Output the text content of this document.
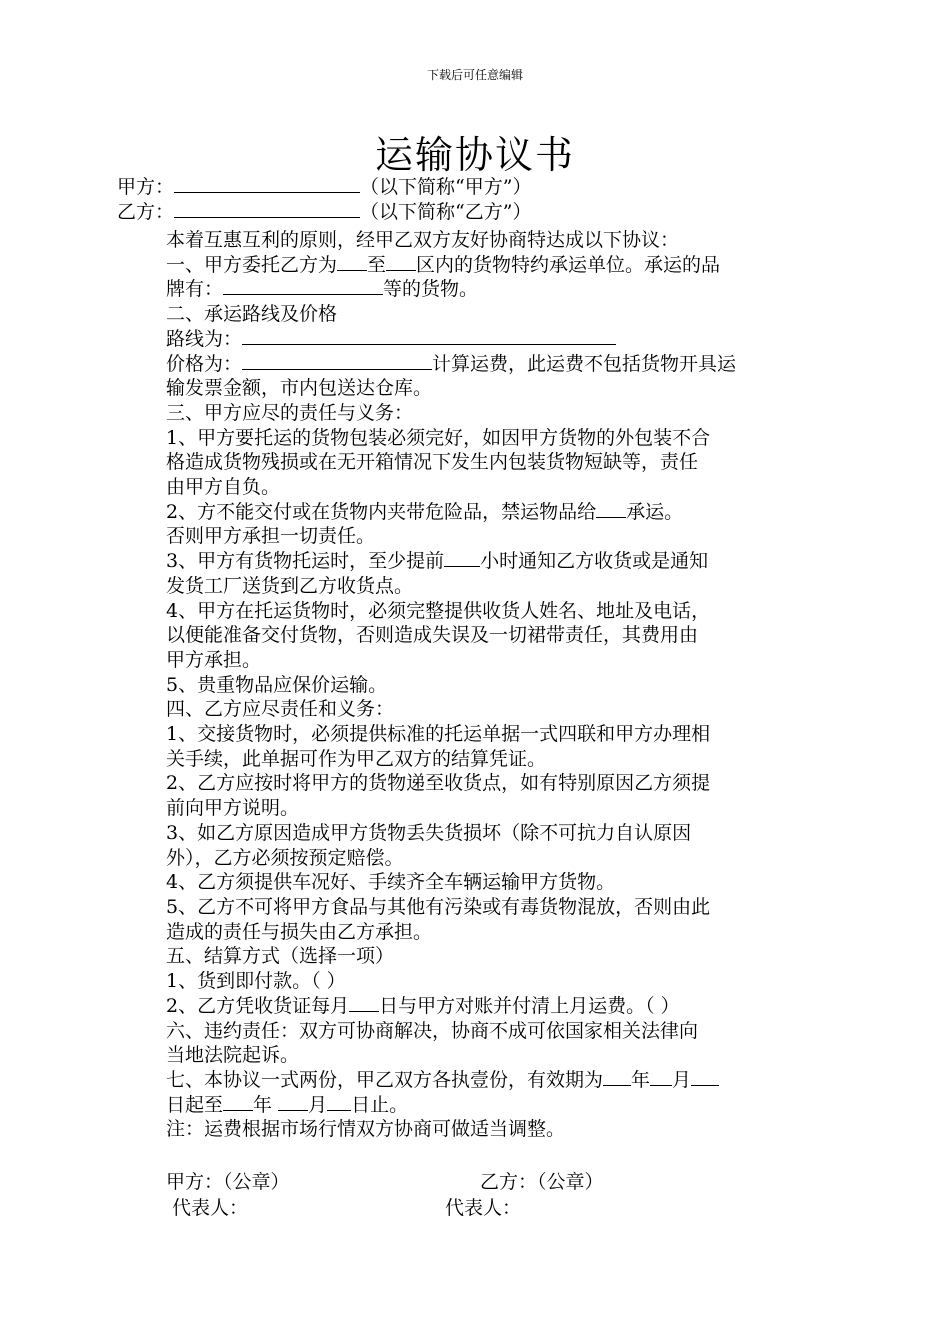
下载后可任意编辑
运输协议书
甲方：	（以下简称“甲方”）
乙方：	（以下简称“乙方”）

本着互惠互利的原则，经甲乙双方友好协商特达成以下协议：

一、甲方委托乙方为 至 区内的货物特约承运单位。承运的品

牌有：	等的货物。

二、承运路线及价格

路线为：

价格为：	计算运费，此运费不包括货物开具运

输发票金额，市内包送达仓库。

三、甲方应尽的责任与义务：

1、甲方要托运的货物包装必须完好，如因甲方货物的外包装不合

格造成货物残损或在无开箱情况下发生内包装货物短缺等，责任

由甲方自负。

2、方不能交付或在货物内夹带危险品，禁运物品给 承运。

否则甲方承担一切责任。

3、甲方有货物托运时，至少提前 小时通知乙方收货或是通知

发货工厂送货到乙方收货点。

4、甲方在托运货物时，必须完整提供收货人姓名、地址及电话，

以便能准备交付货物，否则造成失误及一切裙带责任，其费用由

甲方承担。

5、贵重物品应保价运输。

四、乙方应尽责任和义务：

1、交接货物时，必须提供标准的托运单据一式四联和甲方办理相

关手续，此单据可作为甲乙双方的结算凭证。

2、乙方应按时将甲方的货物递至收货点，如有特别原因乙方须提

前向甲方说明。

3、如乙方原因造成甲方货物丢失货损坏（除不可抗力自认原因

外），乙方必须按预定赔偿。

4、乙方须提供车况好、手续齐全车辆运输甲方货物。

5、乙方不可将甲方食品与其他有污染或有毒货物混放，否则由此

造成的责任与损失由乙方承担。

五、结算方式（选择一项）

1、货到即付款。（ ）

2、乙方凭收货证每月 日与甲方对账并付清上月运费。（ ）

六、违约责任：双方可协商解决，协商不成可依国家相关法律向

当地法院起诉。

七、本协议一式两份，甲乙双方各执壹份，有效期为 年 月

日起至 年 月 日止。

注：运费根据市场行情双方协商可做适当调整。

甲方：（公章）	乙方：（公章）
代表人：	代表人：
